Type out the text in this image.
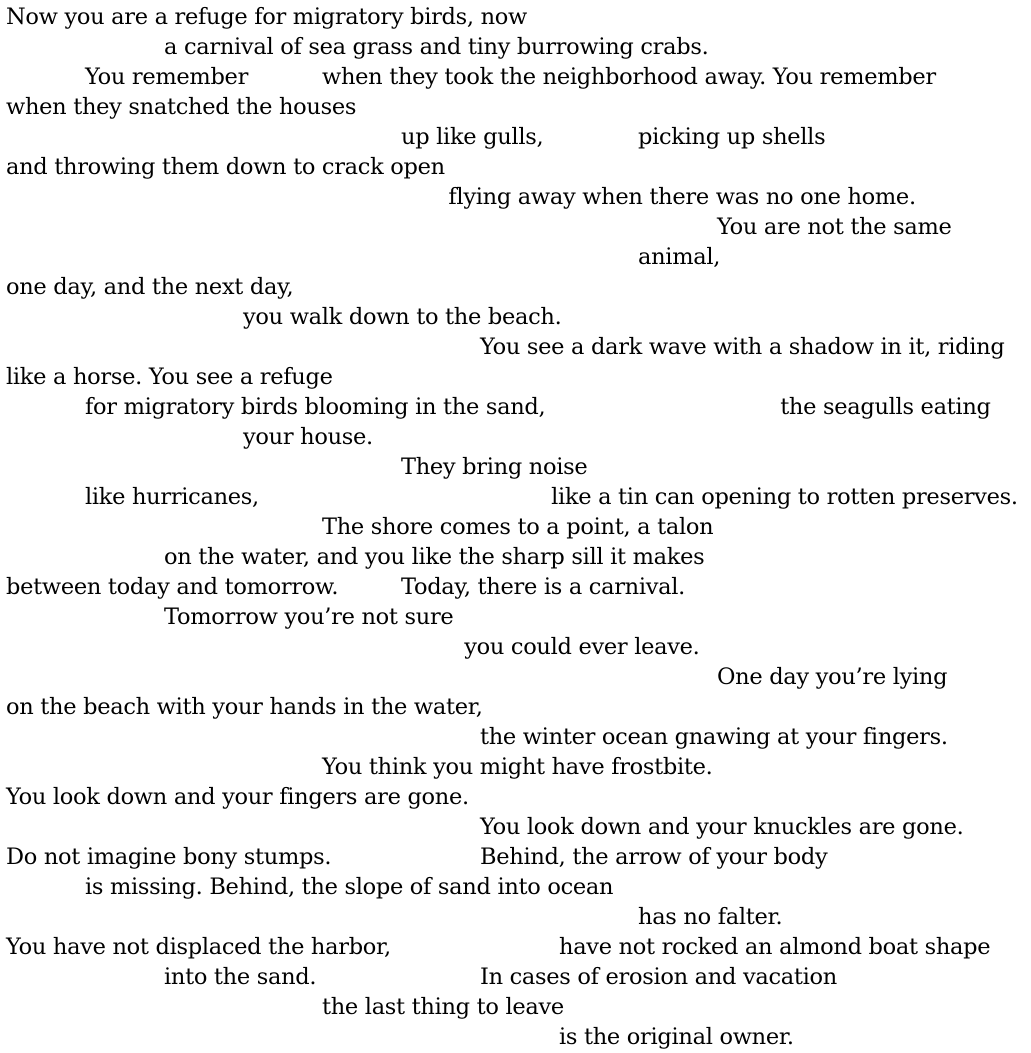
Now you are a refuge for migratory birds, now
a carnival of sea grass and tiny burrowing crabs.
You remember	when they took the neighborhood away. You remember
when they snatched the houses
up like gulls,	picking up shells
and throwing them down to crack open
flying away when there was no one home.
You are not the same
animal,
one day, and the next day,
you walk down to the beach.
You see a dark wave with a shadow in it, riding
like a horse. You see a refuge
for migratory birds blooming in the sand,	the seagulls eating
your house.
They bring noise
like hurricanes,	like a tin can opening to rotten preserves.
The shore comes to a point, a talon
on the water, and you like the sharp sill it makes
between today and tomorrow.	Today, there is a carnival.
Tomorrow you’re not sure
you could ever leave.
One day you’re lying
on the beach with your hands in the water,
the winter ocean gnawing at your fingers.
You think you might have frostbite.
You look down and your fingers are gone.
You look down and your knuckles are gone.
Do not imagine bony stumps.	Behind, the arrow of your body
is missing. Behind, the slope of sand into ocean
has no falter.
You have not displaced the harbor,	have not rocked an almond boat shape
into the sand.	In cases of erosion and vacation
the last thing to leave
is the original owner.
